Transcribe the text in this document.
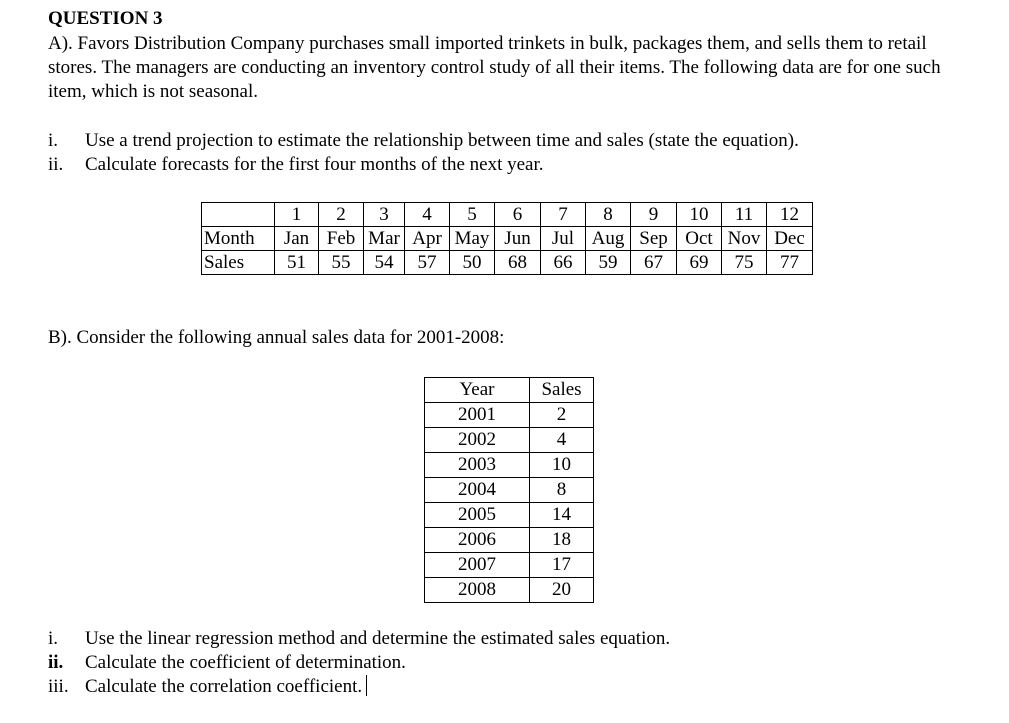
QUESTION 3

A). Favors Distribution Company purchases small imported trinkets in bulk, packages them, and sells them to retail stores. The managers are conducting an inventory control study of all their items. The following data are for one such item, which is not seasonal.

i.	Use a trend projection to estimate the relationship between time and sales (state the equation).
ii.	Calculate forecasts for the first four months of the next year.
	1	2	3	4	5	6	7	8	9	10	11	12
Month	Jan	Feb	Mar	Apr	May	Jun	Jul	Aug	Sep	Oct	Nov	Dec
Sales	51	55	54	57	50	68	66	59	67	69	75	77

B). Consider the following annual sales data for 2001-2008:

Year	Sales
2001	2
2002	4
2003	10
2004	8
2005	14
2006	18
2007	17
2008	20
i.	Use the linear regression method and determine the estimated sales equation.
ii.	Calculate the coefficient of determination.
iii. Calculate the correlation coefficient.
